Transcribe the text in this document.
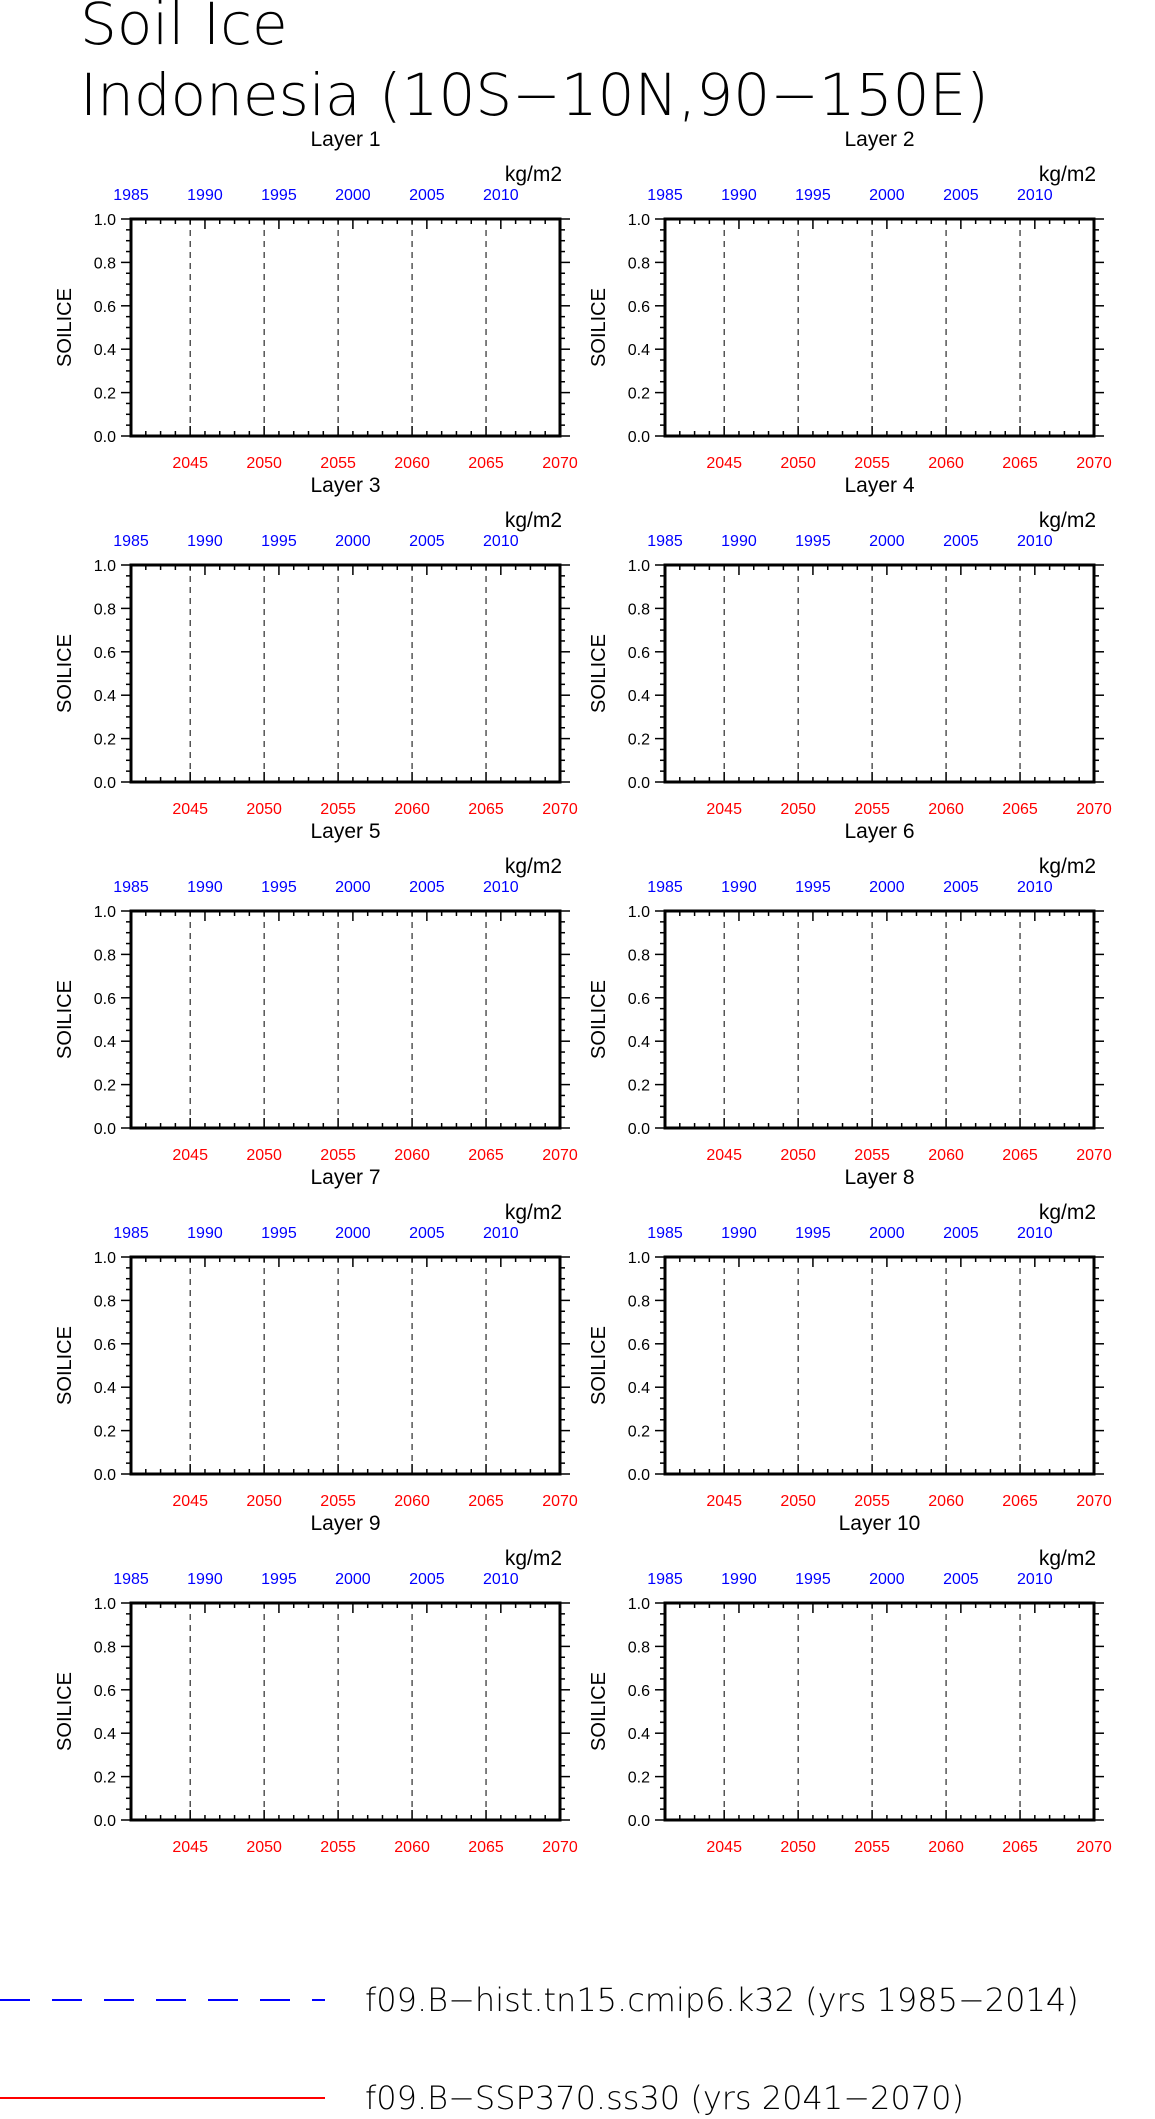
Soil Ice
Indonesia (10S−10N,90−150E)
Layer 1
kg/m2
SOILICE
0.0
0.2
0.4
0.6
0.8
1.0
2045 2050 2055 2060 2065 2070
1985 1990 1995 2000 2005 2010
Layer 2
kg/m2
SOILICE
0.0
0.2
0.4
0.6
0.8
1.0
2045 2050 2055 2060 2065 2070
1985 1990 1995 2000 2005 2010
Layer 3
kg/m2
SOILICE
0.0
0.2
0.4
0.6
0.8
1.0
2045 2050 2055 2060 2065 2070
1985 1990 1995 2000 2005 2010
Layer 4
kg/m2
SOILICE
0.0
0.2
0.4
0.6
0.8
1.0
2045 2050 2055 2060 2065 2070
1985 1990 1995 2000 2005 2010
Layer 5
kg/m2
SOILICE
0.0
0.2
0.4
0.6
0.8
1.0
2045 2050 2055 2060 2065 2070
1985 1990 1995 2000 2005 2010
Layer 6
kg/m2
SOILICE
0.0
0.2
0.4
0.6
0.8
1.0
2045 2050 2055 2060 2065 2070
1985 1990 1995 2000 2005 2010
Layer 7
kg/m2
SOILICE
0.0
0.2
0.4
0.6
0.8
1.0
2045 2050 2055 2060 2065 2070
1985 1990 1995 2000 2005 2010
Layer 8
kg/m2
SOILICE
0.0
0.2
0.4
0.6
0.8
1.0
2045 2050 2055 2060 2065 2070
1985 1990 1995 2000 2005 2010
Layer 9
kg/m2
SOILICE
0.0
0.2
0.4
0.6
0.8
1.0
2045 2050 2055 2060 2065 2070
1985 1990 1995 2000 2005 2010
Layer 10
kg/m2
SOILICE
0.0
0.2
0.4
0.6
0.8
1.0
2045 2050 2055 2060 2065 2070
1985 1990 1995 2000 2005 2010
f09.B−hist.tn15.cmip6.k32 (yrs 1985−2014)
f09.B−SSP370.ss30 (yrs 2041−2070)
